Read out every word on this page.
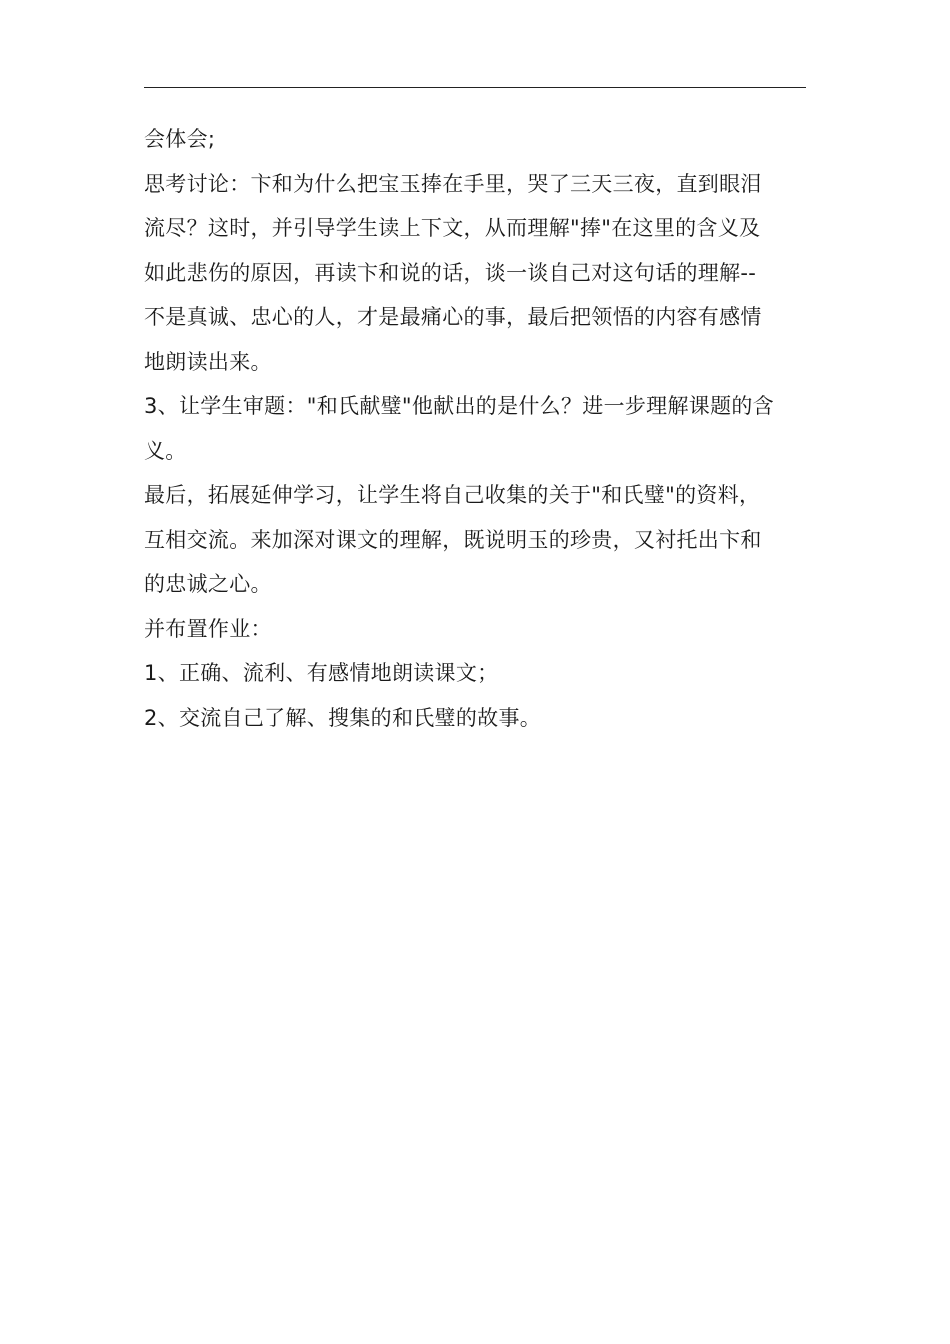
会体会;
思考讨论：卞和为什么把宝玉捧在手里，哭了三天三夜，直到眼泪
流尽？这时，并引导学生读上下文，从而理解"捧"在这里的含义及
如此悲伤的原因，再读卞和说的话，谈一谈自己对这句话的理解--
不是真诚、忠心的人，才是最痛心的事，最后把领悟的内容有感情
地朗读出来。
3、让学生审题："和氏献璧"他献出的是什么？进一步理解课题的含
义。
最后，拓展延伸学习，让学生将自己收集的关于"和氏璧"的资料，
互相交流。来加深对课文的理解，既说明玉的珍贵，又衬托出卞和
的忠诚之心。
并布置作业：
1、正确、流利、有感情地朗读课文；
2、交流自己了解、搜集的和氏璧的故事。
